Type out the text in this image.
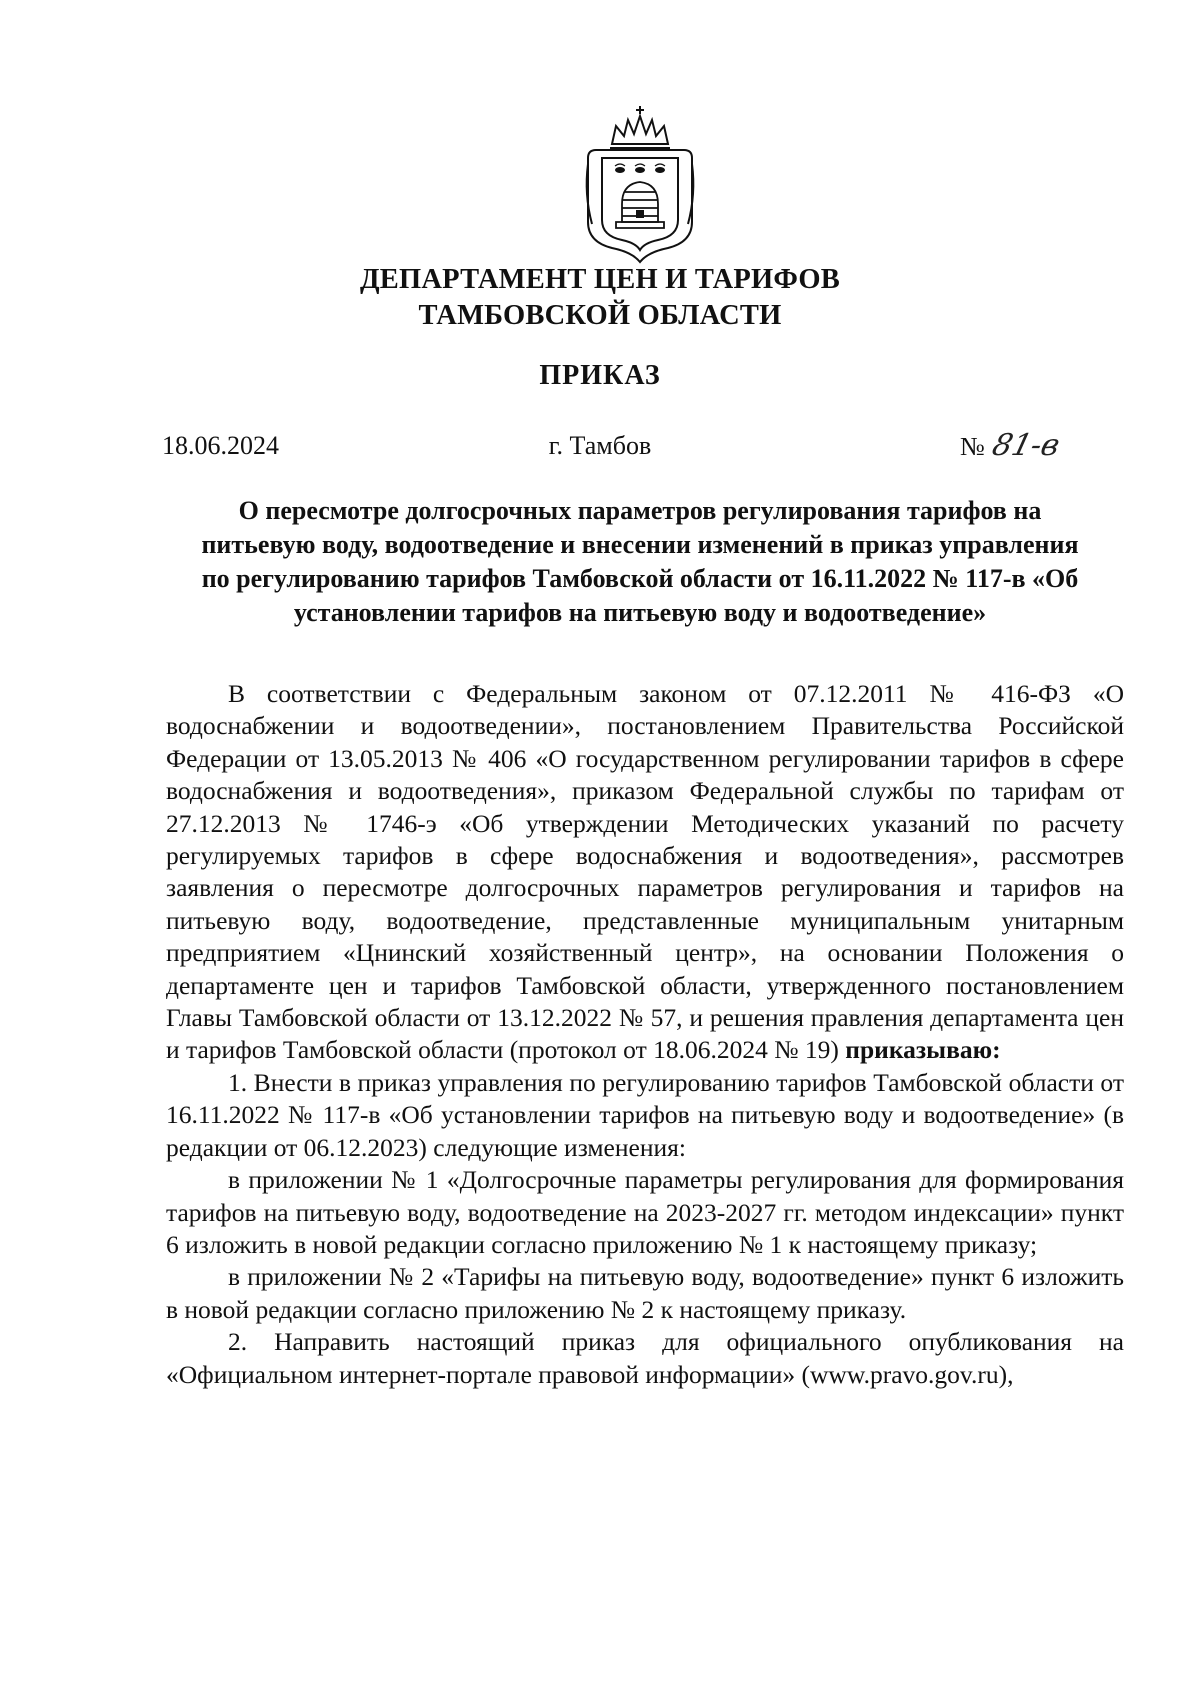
ДЕПАРТАМЕНТ ЦЕН И ТАРИФОВ
ТАМБОВСКОЙ ОБЛАСТИ
ПРИКАЗ
18.06.2024	г. Тамбов	№ 81-в
О пересмотре долгосрочных параметров регулирования тарифов на питьевую воду, водоотведение и внесении изменений в приказ управления по регулированию тарифов Тамбовской области от 16.11.2022 № 117-в «Об установлении тарифов на питьевую воду и водоотведение»

В соответствии с Федеральным законом от 07.12.2011 № 416-ФЗ «О водоснабжении и водоотведении», постановлением Правительства Российской Федерации от 13.05.2013 № 406 «О государственном регулировании тарифов в сфере водоснабжения и водоотведения», приказом Федеральной службы по тарифам от 27.12.2013 № 1746-э «Об утверждении Методических указаний по расчету регулируемых тарифов в сфере водоснабжения и водоотведения», рассмотрев заявления о пересмотре долгосрочных параметров регулирования и тарифов на питьевую воду, водоотведение, представленные муниципальным унитарным предприятием «Цнинский хозяйственный центр», на основании Положения о департаменте цен и тарифов Тамбовской области, утвержденного постановлением Главы Тамбовской области от 13.12.2022 № 57, и решения правления департамента цен и тарифов Тамбовской области (протокол от 18.06.2024 № 19) приказываю:

1. Внести в приказ управления по регулированию тарифов Тамбовской области от 16.11.2022 № 117-в «Об установлении тарифов на питьевую воду и водоотведение» (в редакции от 06.12.2023) следующие изменения:

в приложении № 1 «Долгосрочные параметры регулирования для формирования тарифов на питьевую воду, водоотведение на 2023-2027 гг. методом индексации» пункт 6 изложить в новой редакции согласно приложению № 1 к настоящему приказу;

в приложении № 2 «Тарифы на питьевую воду, водоотведение» пункт 6 изложить в новой редакции согласно приложению № 2 к настоящему приказу.

2. Направить настоящий приказ для официального опубликования на «Официальном интернет-портале правовой информации» (www.pravo.gov.ru),
